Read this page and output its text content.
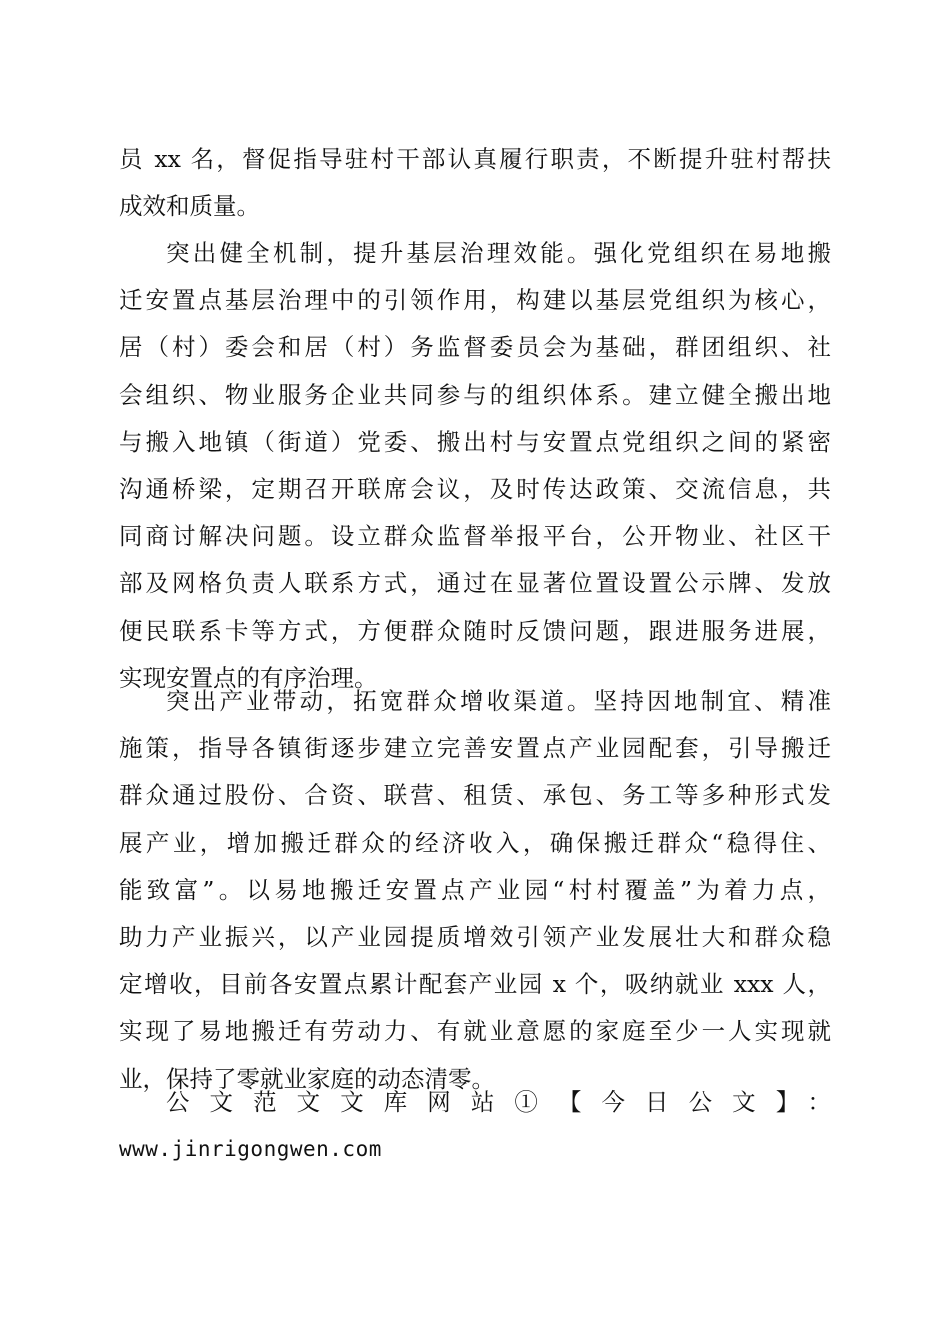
员 xx 名，督促指导驻村干部认真履行职责，不断提升驻村帮扶
成效和质量。
突出健全机制，提升基层治理效能。强化党组织在易地搬
迁安置点基层治理中的引领作用，构建以基层党组织为核心，
居（村）委会和居（村）务监督委员会为基础，群团组织、社
会组织、物业服务企业共同参与的组织体系。建立健全搬出地
与搬入地镇（街道）党委、搬出村与安置点党组织之间的紧密
沟通桥梁，定期召开联席会议，及时传达政策、交流信息，共
同商讨解决问题。设立群众监督举报平台，公开物业、社区干
部及网格负责人联系方式，通过在显著位置设置公示牌、发放
便民联系卡等方式，方便群众随时反馈问题，跟进服务进展，
实现安置点的有序治理。
突出产业带动，拓宽群众增收渠道。坚持因地制宜、精准
施策，指导各镇街逐步建立完善安置点产业园配套，引导搬迁
群众通过股份、合资、联营、租赁、承包、务工等多种形式发
展产业，增加搬迁群众的经济收入，确保搬迁群众“稳得住、
能致富”。以易地搬迁安置点产业园“村村覆盖”为着力点，
助力产业振兴，以产业园提质增效引领产业发展壮大和群众稳
定增收，目前各安置点累计配套产业园 x 个，吸纳就业 xxx 人，
实现了易地搬迁有劳动力、有就业意愿的家庭至少一人实现就
业，保持了零就业家庭的动态清零。
公文范文文库网站①【今日公文】：
www.jinrigongwen.com
